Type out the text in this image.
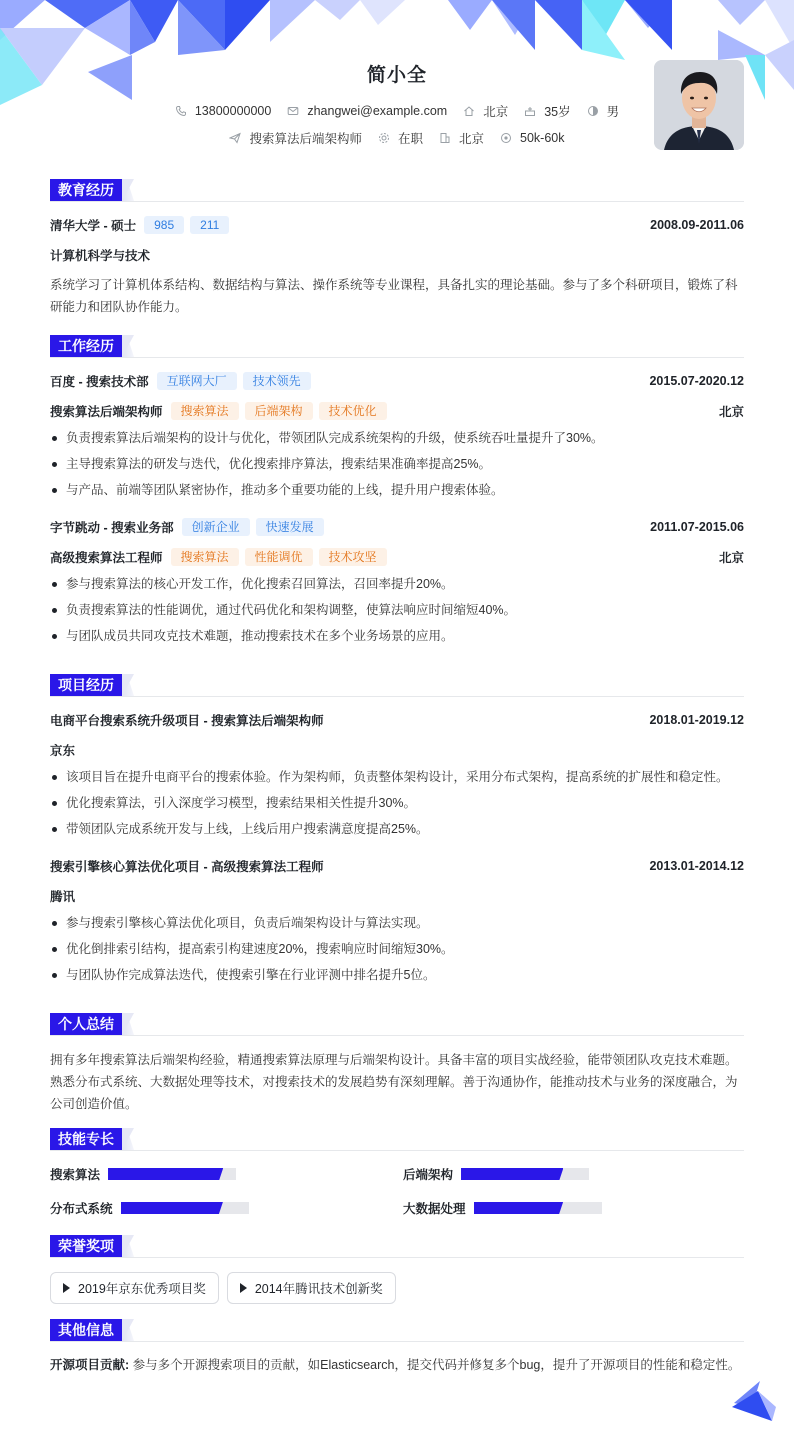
简小全
13800000000	zhangwei@example.com	北京	35岁	男
搜索算法后端架构师	在职	北京	50k-60k
教育经历
清华大学 - 硕士	985	211	2008.09-2011.06
计算机科学与技术
系统学习了计算机体系结构、数据结构与算法、操作系统等专业课程，具备扎实的理论基础。参与了多个科研项目，锻炼了科研能力和团队协作能力。
工作经历
百度 - 搜索技术部	互联网大厂	技术领先	2015.07-2020.12
搜索算法后端架构师	搜索算法	后端架构	技术优化	北京
负责搜索算法后端架构的设计与优化，带领团队完成系统架构的升级，使系统吞吐量提升了30%。
主导搜索算法的研发与迭代，优化搜索排序算法，搜索结果准确率提高25%。
与产品、前端等团队紧密协作，推动多个重要功能的上线，提升用户搜索体验。
字节跳动 - 搜索业务部	创新企业	快速发展	2011.07-2015.06
高级搜索算法工程师	搜索算法	性能调优	技术攻坚	北京
参与搜索算法的核心开发工作，优化搜索召回算法，召回率提升20%。
负责搜索算法的性能调优，通过代码优化和架构调整，使算法响应时间缩短40%。
与团队成员共同攻克技术难题，推动搜索技术在多个业务场景的应用。
项目经历
电商平台搜索系统升级项目 - 搜索算法后端架构师	2018.01-2019.12
京东
该项目旨在提升电商平台的搜索体验。作为架构师，负责整体架构设计，采用分布式架构，提高系统的扩展性和稳定性。
优化搜索算法，引入深度学习模型，搜索结果相关性提升30%。
带领团队完成系统开发与上线，上线后用户搜索满意度提高25%。
搜索引擎核心算法优化项目 - 高级搜索算法工程师	2013.01-2014.12
腾讯
参与搜索引擎核心算法优化项目，负责后端架构设计与算法实现。
优化倒排索引结构，提高索引构建速度20%，搜索响应时间缩短30%。
与团队协作完成算法迭代，使搜索引擎在行业评测中排名提升5位。
个人总结
拥有多年搜索算法后端架构经验，精通搜索算法原理与后端架构设计。具备丰富的项目实战经验，能带领团队攻克技术难题。熟悉分布式系统、大数据处理等技术，对搜索技术的发展趋势有深刻理解。善于沟通协作，能推动技术与业务的深度融合，为公司创造价值。
技能专长
搜索算法	后端架构
分布式系统	大数据处理
荣誉奖项
2019年京东优秀项目奖	2014年腾讯技术创新奖
其他信息
开源项目贡献: 参与多个开源搜索项目的贡献，如Elasticsearch，提交代码并修复多个bug，提升了开源项目的性能和稳定性。
